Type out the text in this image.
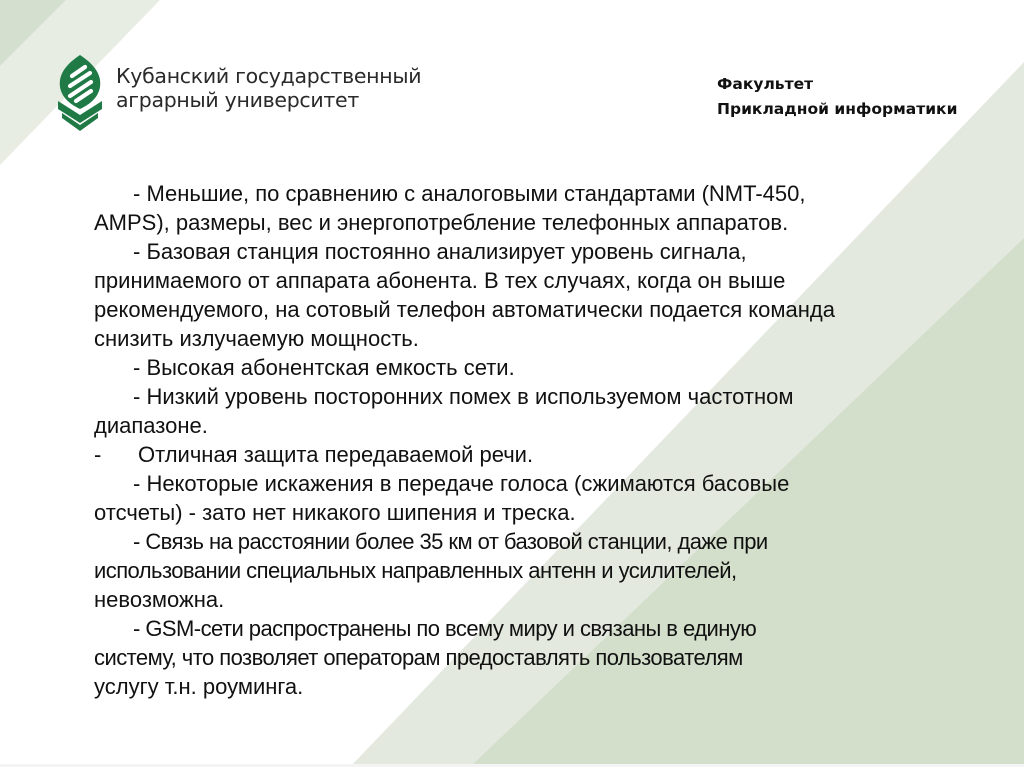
Кубанский государственный
аграрный университет
Факультет
Прикладной информатики
- Меньшие, по сравнению с аналоговыми стандартами (NMT-450,
AMPS), размеры, вес и энергопотребление телефонных аппаратов.
- Базовая станция постоянно анализирует уровень сигнала,
принимаемого от аппарата абонента. В тех случаях, когда он выше
рекомендуемого, на сотовый телефон автоматически подается команда
снизить излучаемую мощность.
- Высокая абонентская емкость сети.
- Низкий уровень посторонних помех в используемом частотном
диапазоне.
- Отличная защита передаваемой речи.
- Некоторые искажения в передаче голоса (сжимаются басовые
отсчеты) - зато нет никакого шипения и треска.
- Связь на расстоянии более 35 км от базовой станции, даже при
использовании специальных направленных антенн и усилителей,
невозможна.
- GSM-сети распространены по всему миру и связаны в единую
систему, что позволяет операторам предоставлять пользователям
услугу т.н. роуминга.
